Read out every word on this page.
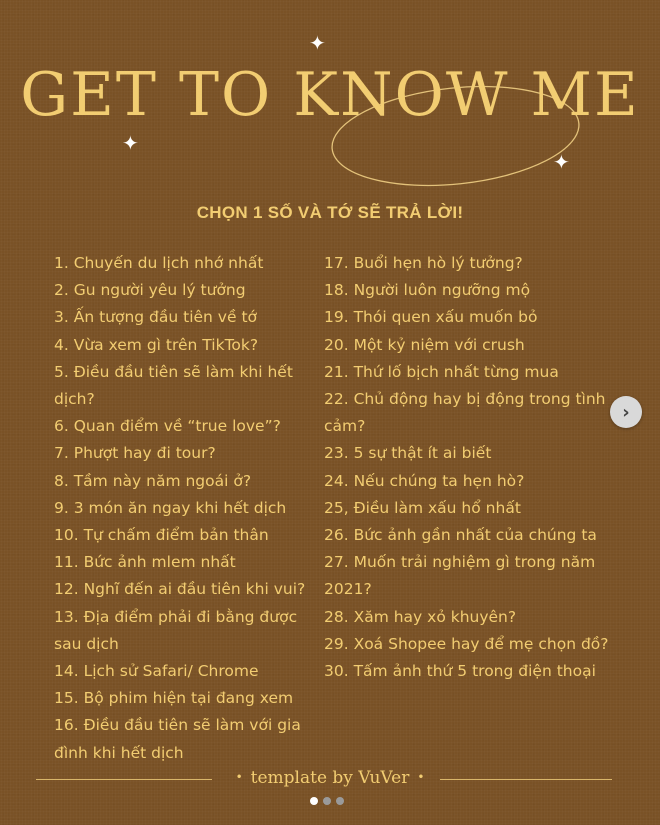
GET TO KNOW ME
✦
✦
✦
CHỌN 1 SỐ VÀ TỚ SẼ TRẢ LỜI!
1. Chuyến du lịch nhớ nhất
2. Gu người yêu lý tưởng
3. Ấn tượng đầu tiên về tớ
4. Vừa xem gì trên TikTok?
5. Điều đầu tiên sẽ làm khi hết dịch?
6. Quan điểm về “true love”?
7. Phượt hay đi tour?
8. Tầm này năm ngoái ở?
9. 3 món ăn ngay khi hết dịch
10. Tự chấm điểm bản thân
11. Bức ảnh mlem nhất
12. Nghĩ đến ai đầu tiên khi vui?
13. Địa điểm phải đi bằng được sau dịch
14. Lịch sử Safari/ Chrome
15. Bộ phim hiện tại đang xem
16. Điều đầu tiên sẽ làm với gia đình khi hết dịch
17. Buổi hẹn hò lý tưởng?
18. Người luôn ngưỡng mộ
19. Thói quen xấu muốn bỏ
20. Một kỷ niệm với crush
21. Thứ lố bịch nhất từng mua
22. Chủ động hay bị động trong tình cảm?
23. 5 sự thật ít ai biết
24. Nếu chúng ta hẹn hò?
25, Điều làm xấu hổ nhất
26. Bức ảnh gần nhất của chúng ta
27. Muốn trải nghiệm gì trong năm 2021?
28. Xăm hay xỏ khuyên?
29. Xoá Shopee hay để mẹ chọn đồ?
30. Tấm ảnh thứ 5 trong điện thoại
›
• template by VuVer •
